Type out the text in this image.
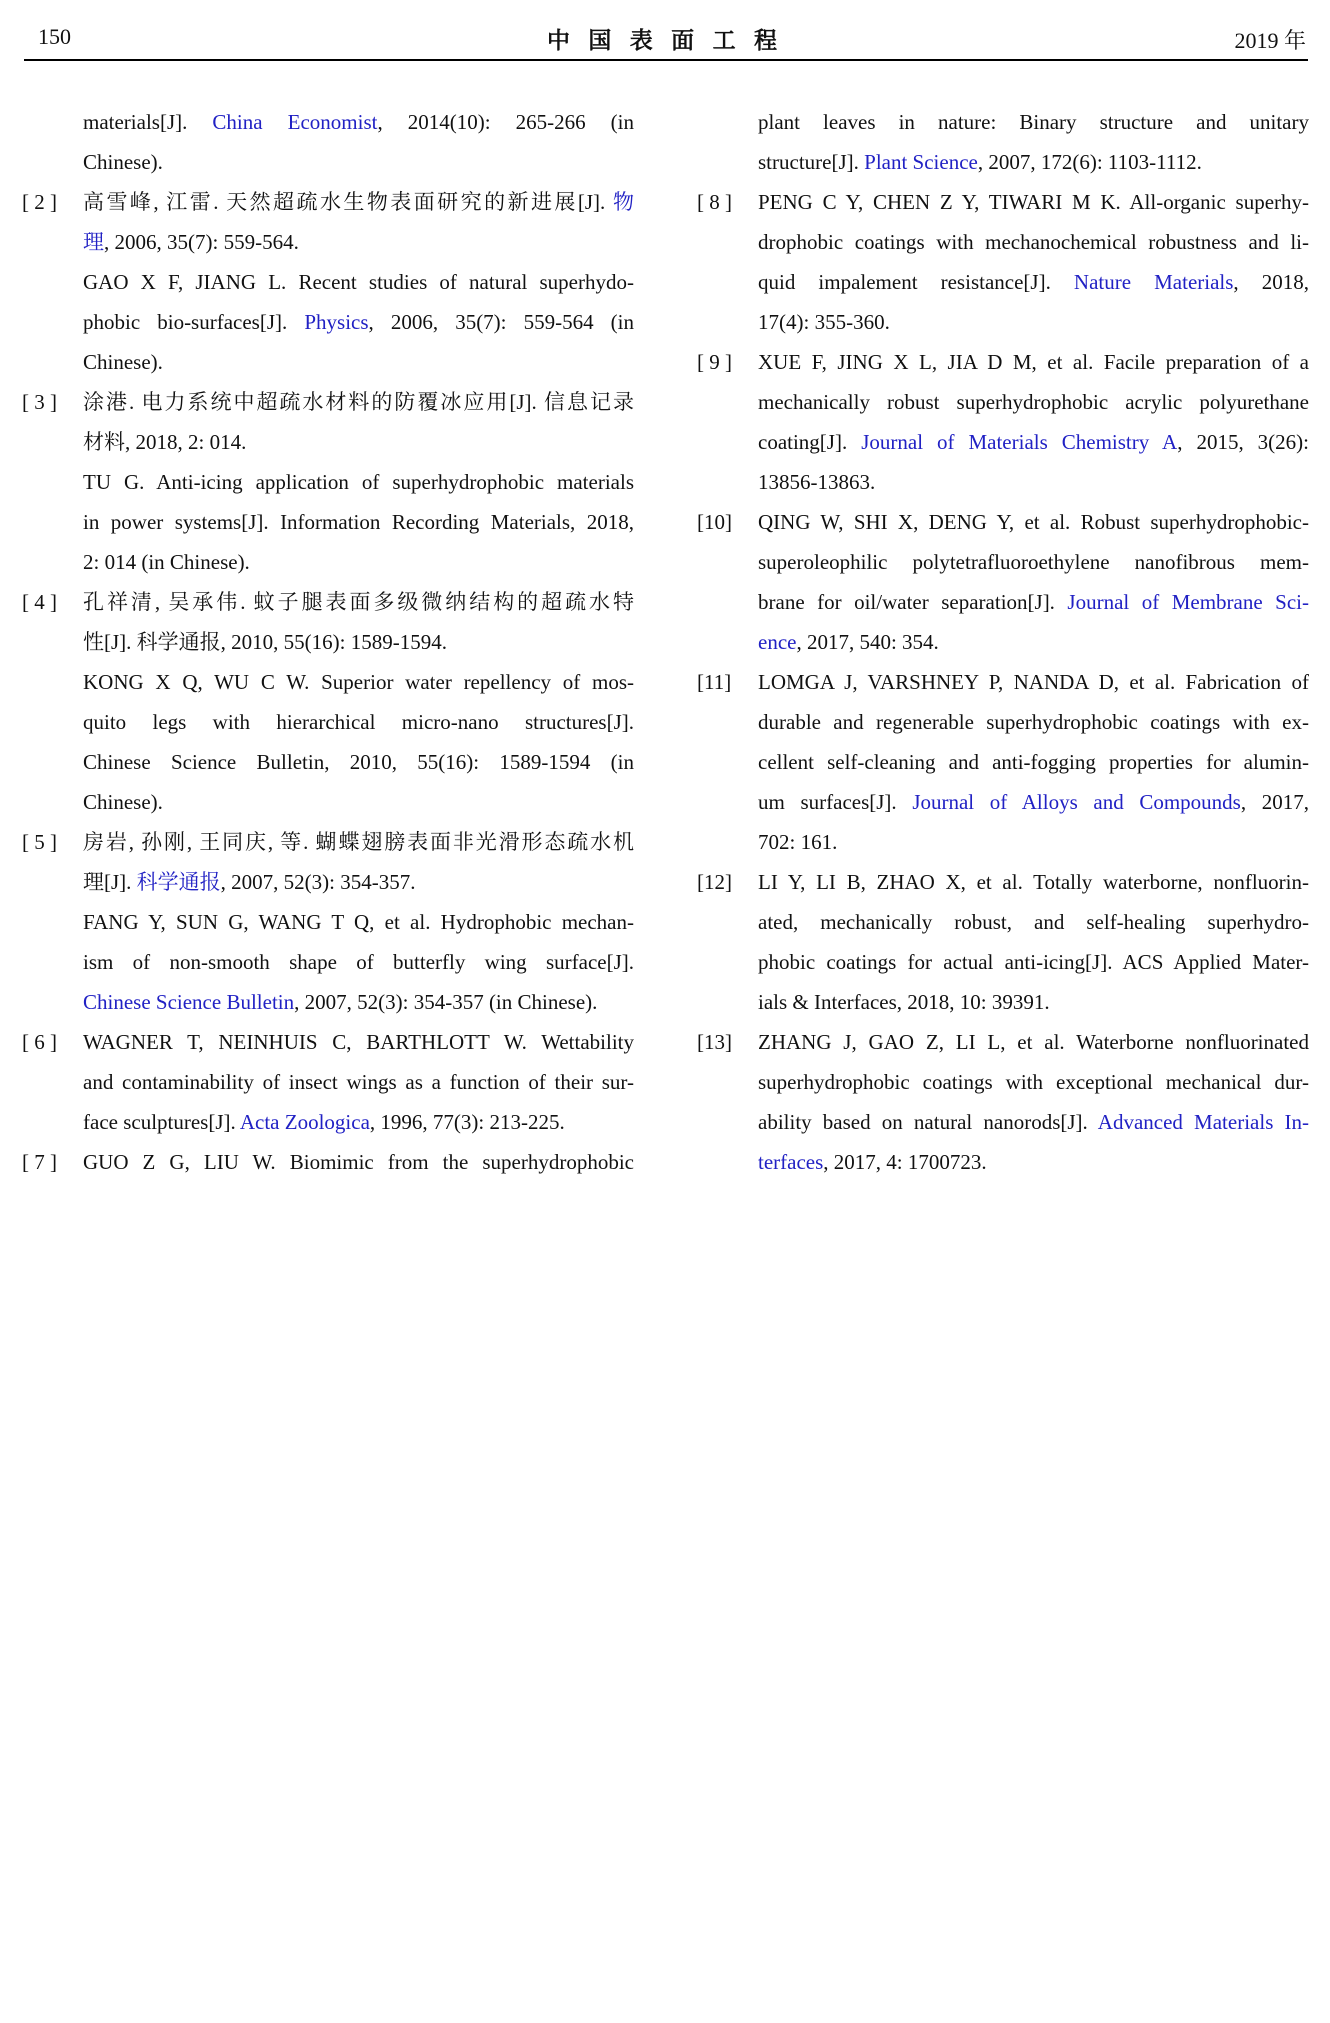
150	中 国 表 面 工 程	2019 年
materials[J]. China Economist, 2014(10): 265-266 (in
Chinese).
[ 2 ]	高雪峰, 江雷. 天然超疏水生物表面研究的新进展[J]. 物
理, 2006, 35(7): 559-564.
GAO X F, JIANG L. Recent studies of natural superhydo-
phobic bio-surfaces[J]. Physics, 2006, 35(7): 559-564 (in
Chinese).
[ 3 ]	涂港. 电力系统中超疏水材料的防覆冰应用[J]. 信息记录
材料, 2018, 2: 014.
TU G. Anti-icing application of superhydrophobic materials
in power systems[J]. Information Recording Materials, 2018,
2: 014 (in Chinese).
[ 4 ]	孔祥清, 吴承伟. 蚊子腿表面多级微纳结构的超疏水特
性[J]. 科学通报, 2010, 55(16): 1589-1594.
KONG X Q, WU C W. Superior water repellency of mos-
quito legs with hierarchical micro-nano structures[J].
Chinese Science Bulletin, 2010, 55(16): 1589-1594 (in
Chinese).
[ 5 ]	房岩, 孙刚, 王同庆, 等. 蝴蝶翅膀表面非光滑形态疏水机
理[J]. 科学通报, 2007, 52(3): 354-357.
FANG Y, SUN G, WANG T Q, et al. Hydrophobic mechan-
ism of non-smooth shape of butterfly wing surface[J].
Chinese Science Bulletin, 2007, 52(3): 354-357 (in Chinese).
[ 6 ]	WAGNER T, NEINHUIS C, BARTHLOTT W. Wettability
and contaminability of insect wings as a function of their sur-
face sculptures[J]. Acta Zoologica, 1996, 77(3): 213-225.
[ 7 ]	GUO Z G, LIU W. Biomimic from the superhydrophobic
plant leaves in nature: Binary structure and unitary
structure[J]. Plant Science, 2007, 172(6): 1103-1112.
[ 8 ]	PENG C Y, CHEN Z Y, TIWARI M K. All-organic superhy-
drophobic coatings with mechanochemical robustness and li-
quid impalement resistance[J]. Nature Materials, 2018,
17(4): 355-360.
[ 9 ]	XUE F, JING X L, JIA D M, et al. Facile preparation of a
mechanically robust superhydrophobic acrylic polyurethane
coating[J]. Journal of Materials Chemistry A, 2015, 3(26):
13856-13863.
[10]	QING W, SHI X, DENG Y, et al. Robust superhydrophobic-
superoleophilic polytetrafluoroethylene nanofibrous mem-
brane for oil/water separation[J]. Journal of Membrane Sci-
ence, 2017, 540: 354.
[11]	LOMGA J, VARSHNEY P, NANDA D, et al. Fabrication of
durable and regenerable superhydrophobic coatings with ex-
cellent self-cleaning and anti-fogging properties for alumin-
um surfaces[J]. Journal of Alloys and Compounds, 2017,
702: 161.
[12]	LI Y, LI B, ZHAO X, et al. Totally waterborne, nonfluorin-
ated, mechanically robust, and self-healing superhydro-
phobic coatings for actual anti-icing[J]. ACS Applied Mater-
ials & Interfaces, 2018, 10: 39391.
[13]	ZHANG J, GAO Z, LI L, et al. Waterborne nonfluorinated
superhydrophobic coatings with exceptional mechanical dur-
ability based on natural nanorods[J]. Advanced Materials In-
terfaces, 2017, 4: 1700723.
